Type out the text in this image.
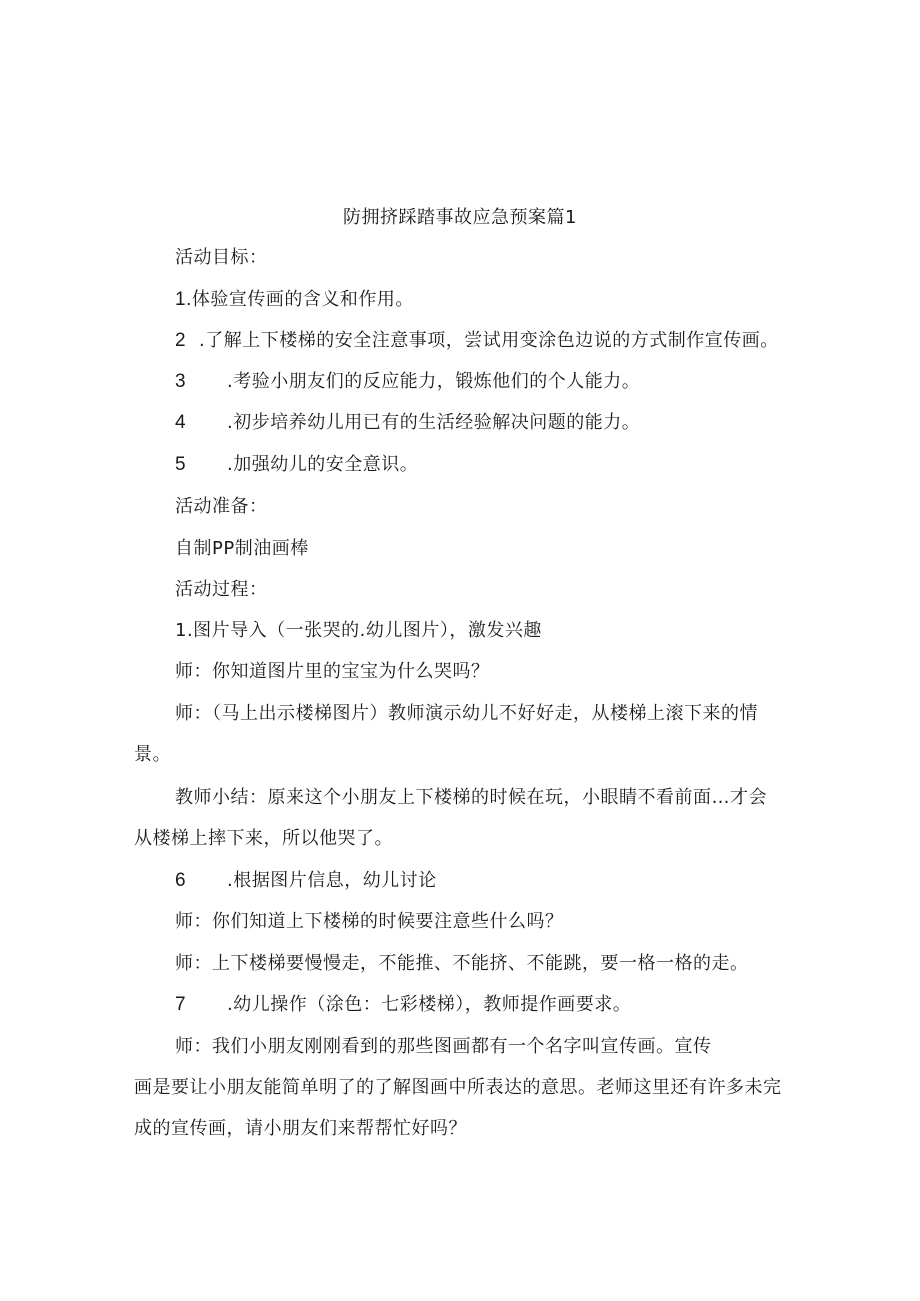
防拥挤踩踏事故应急预案篇1
活动目标：
1.体验宣传画的含义和作用。
2 .了解上下楼梯的安全注意事项，尝试用变涂色边说的方式制作宣传画。
3 .考验小朋友们的反应能力，锻炼他们的个人能力。
4 .初步培养幼儿用已有的生活经验解决问题的能力。
5 .加强幼儿的安全意识。
活动准备：
自制PP制油画棒
活动过程：
1.图片导入（一张哭的.幼儿图片），激发兴趣
师：你知道图片里的宝宝为什么哭吗？
师：（马上出示楼梯图片）教师演示幼儿不好好走，从楼梯上滚下来的情
景。
教师小结：原来这个小朋友上下楼梯的时候在玩，小眼睛不看前面…才会
从楼梯上摔下来，所以他哭了。
6 .根据图片信息，幼儿讨论
师：你们知道上下楼梯的时候要注意些什么吗？
师：上下楼梯要慢慢走，不能推、不能挤、不能跳，要一格一格的走。
7 .幼儿操作（涂色：七彩楼梯），教师提作画要求。
师：我们小朋友刚刚看到的那些图画都有一个名字叫宣传画。宣传
画是要让小朋友能简单明了的了解图画中所表达的意思。老师这里还有许多未完
成的宣传画，请小朋友们来帮帮忙好吗？
